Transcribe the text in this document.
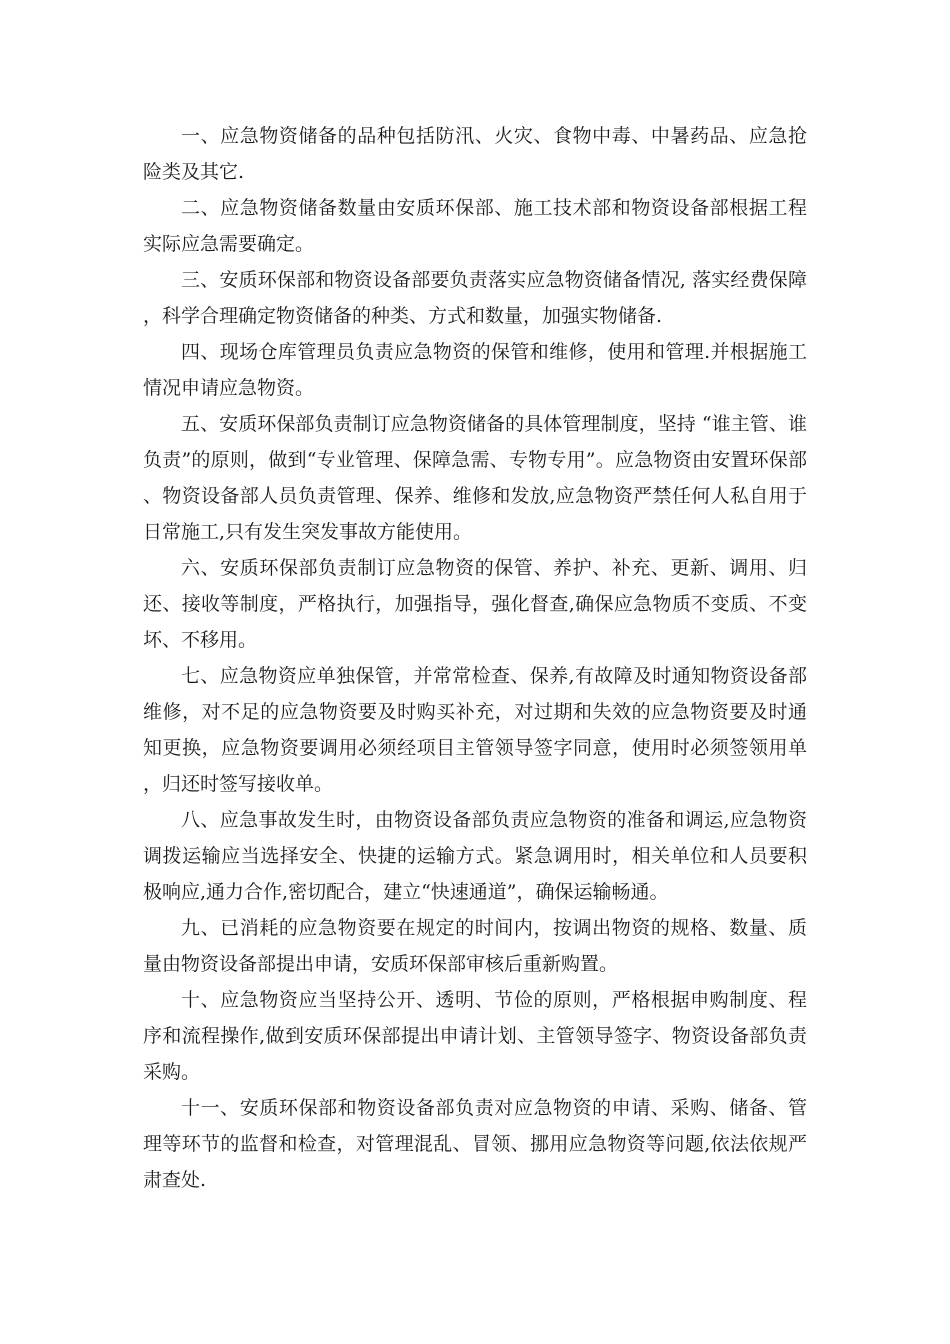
一、应急物资储备的品种包括防汛、火灾、食物中毒、中暑药品、应急抢险类及其它.

二、应急物资储备数量由安质环保部、施工技术部和物资设备部根据工程实际应急需要确定。

三、安质环保部和物资设备部要负责落实应急物资储备情况, 落实经费保障，科学合理确定物资储备的种类、方式和数量，加强实物储备.

四、现场仓库管理员负责应急物资的保管和维修，使用和管理.并根据施工情况申请应急物资。

五、安质环保部负责制订应急物资储备的具体管理制度，坚持 “谁主管、谁负责”的原则，做到“专业管理、保障急需、专物专用”。应急物资由安置环保部、物资设备部人员负责管理、保养、维修和发放,应急物资严禁任何人私自用于日常施工,只有发生突发事故方能使用。

六、安质环保部负责制订应急物资的保管、养护、补充、更新、调用、归还、接收等制度，严格执行，加强指导，强化督查,确保应急物质不变质、不变坏、不移用。

七、应急物资应单独保管，并常常检查、保养,有故障及时通知物资设备部维修，对不足的应急物资要及时购买补充，对过期和失效的应急物资要及时通知更换，应急物资要调用必须经项目主管领导签字同意，使用时必须签领用单，归还时签写接收单。

八、应急事故发生时，由物资设备部负责应急物资的准备和调运,应急物资调拨运输应当选择安全、快捷的运输方式。紧急调用时，相关单位和人员要积极响应,通力合作,密切配合，建立“快速通道”，确保运输畅通。

九、已消耗的应急物资要在规定的时间内，按调出物资的规格、数量、质量由物资设备部提出申请，安质环保部审核后重新购置。

十、应急物资应当坚持公开、透明、节俭的原则，严格根据申购制度、程序和流程操作,做到安质环保部提出申请计划、主管领导签字、物资设备部负责采购。

十一、安质环保部和物资设备部负责对应急物资的申请、采购、储备、管理等环节的监督和检查，对管理混乱、冒领、挪用应急物资等问题,依法依规严肃查处.
